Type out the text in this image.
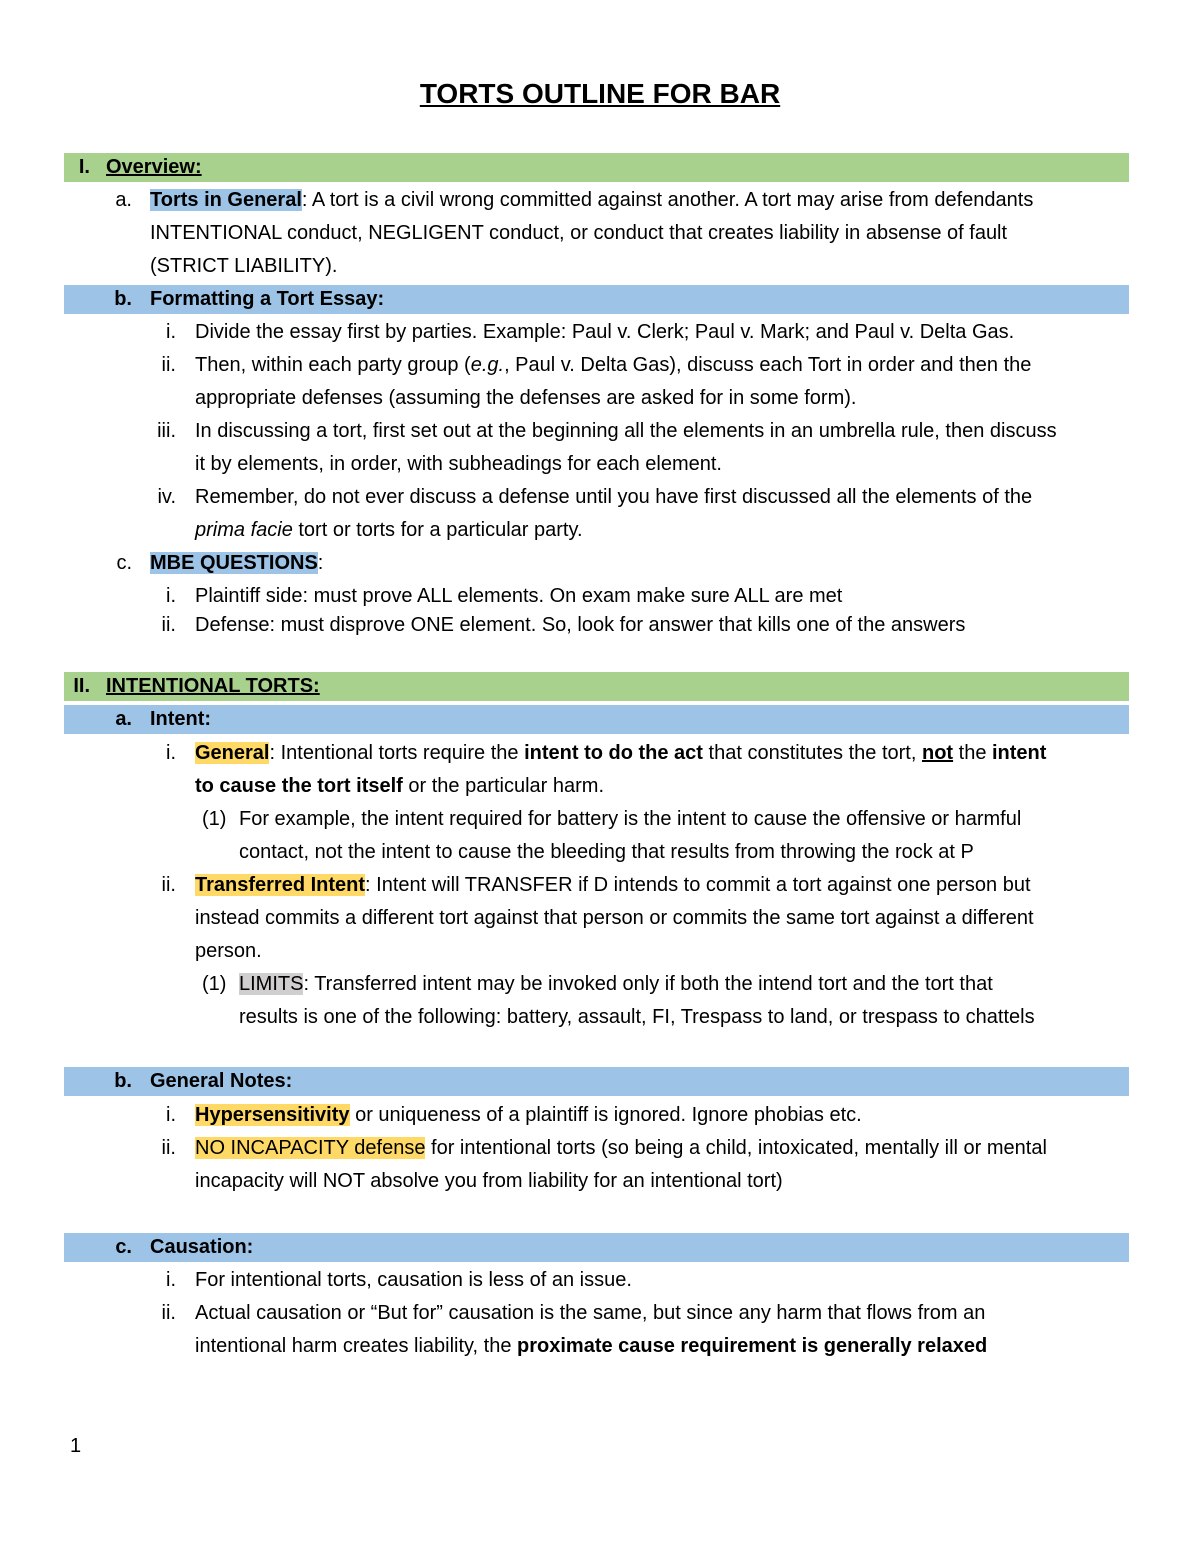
TORTS OUTLINE FOR BAR
I. Overview:
a. Torts in General: A tort is a civil wrong committed against another. A tort may arise from defendants
INTENTIONAL conduct, NEGLIGENT conduct, or conduct that creates liability in absense of fault
(STRICT LIABILITY).
b. Formatting a Tort Essay:
i. Divide the essay first by parties. Example: Paul v. Clerk; Paul v. Mark; and Paul v. Delta Gas.
ii. Then, within each party group (e.g., Paul v. Delta Gas), discuss each Tort in order and then the
appropriate defenses (assuming the defenses are asked for in some form).
iii. In discussing a tort, first set out at the beginning all the elements in an umbrella rule, then discuss
it by elements, in order, with subheadings for each element.
iv. Remember, do not ever discuss a defense until you have first discussed all the elements of the
prima facie tort or torts for a particular party.
c. MBE QUESTIONS:
i. Plaintiff side: must prove ALL elements. On exam make sure ALL are met
ii. Defense: must disprove ONE element. So, look for answer that kills one of the answers
II. INTENTIONAL TORTS:
a. Intent:
i. General: Intentional torts require the intent to do the act that constitutes the tort, not the intent
to cause the tort itself or the particular harm.
(1) For example, the intent required for battery is the intent to cause the offensive or harmful
contact, not the intent to cause the bleeding that results from throwing the rock at P
ii. Transferred Intent: Intent will TRANSFER if D intends to commit a tort against one person but
instead commits a different tort against that person or commits the same tort against a different
person.
(1) LIMITS: Transferred intent may be invoked only if both the intend tort and the tort that
results is one of the following: battery, assault, FI, Trespass to land, or trespass to chattels
b. General Notes:
i. Hypersensitivity or uniqueness of a plaintiff is ignored. Ignore phobias etc.
ii. NO INCAPACITY defense for intentional torts (so being a child, intoxicated, mentally ill or mental
incapacity will NOT absolve you from liability for an intentional tort)
c. Causation:
i. For intentional torts, causation is less of an issue.
ii. Actual causation or “But for” causation is the same, but since any harm that flows from an
intentional harm creates liability, the proximate cause requirement is generally relaxed
1
